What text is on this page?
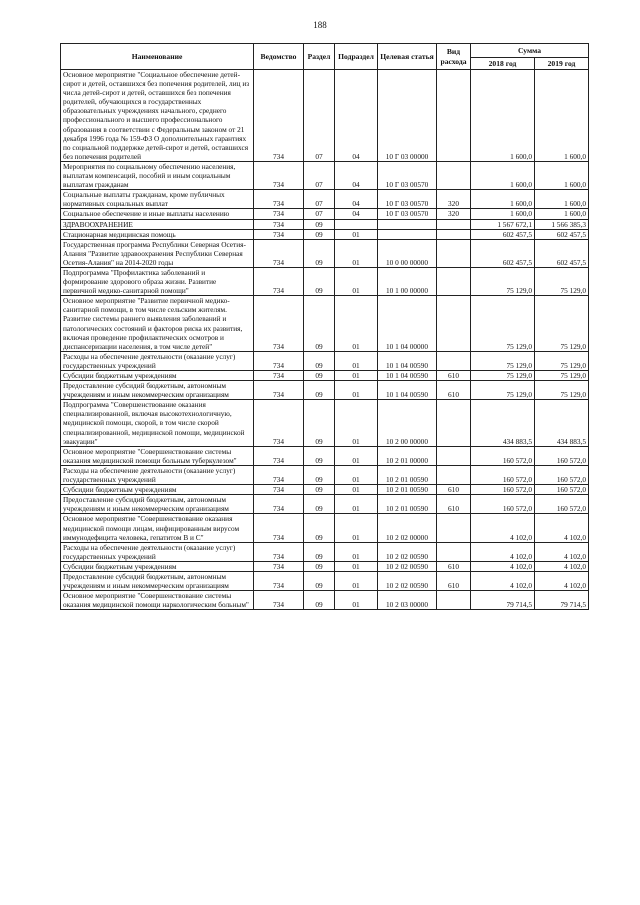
188
Наименование	Ведомство	Раздел	Подраздел	Целевая статья	Вид расхода	Сумма	
						2018 год	2019 год
Основное мероприятие "Социальное обеспечение детей-сирот и детей, оставшихся без попечения родителей, лиц из числа детей-сирот и детей, оставшихся без попечения родителей, обучающихся в государственных образовательных учреждениях начального, среднего профессионального и высшего профессионального образования в соответствии с Федеральным законом от 21 декабря 1996 года № 159-ФЗ О дополнительных гарантиях по социальной поддержке детей-сирот и детей, оставшихся без попечения родителей	734	07	04	10 Г 03 00000		1 600,0	1 600,0
Мероприятия по социальному обеспечению населения, выплатам компенсаций, пособий и иным социальным выплатам гражданам	734	07	04	10 Г 03 00570		1 600,0	1 600,0
Социальные выплаты гражданам, кроме публичных нормативных социальных выплат	734	07	04	10 Г 03 00570	320	1 600,0	1 600,0
Социальное обеспечение и иные выплаты населению	734	07	04	10 Г 03 00570	320	1 600,0	1 600,0
ЗДРАВООХРАНЕНИЕ	734	09				1 567 672,1	1 566 385,3
Стационарная медицинская помощь	734	09	01			602 457,5	602 457,5
Государственная программа Республики Северная Осетия-Алания "Развитие здравоохранения Республики Северная Осетия-Алания" на 2014-2020 годы	734	09	01	10 0 00 00000		602 457,5	602 457,5
Подпрограмма "Профилактика заболеваний и формирование здорового образа жизни. Развитие первичной медико-санитарной помощи"	734	09	01	10 1 00 00000		75 129,0	75 129,0
Основное мероприятие "Развитие первичной медико-санитарной помощи, в том числе сельским жителям. Развитие системы раннего выявления заболеваний и патологических состояний и факторов риска их развития, включая проведение профилактических осмотров и диспансеризации населения, в том числе детей"	734	09	01	10 1 04 00000		75 129,0	75 129,0
Расходы на обеспечение деятельности (оказание услуг) государственных учреждений	734	09	01	10 1 04 00590		75 129,0	75 129,0
Субсидии бюджетным учреждениям	734	09	01	10 1 04 00590	610	75 129,0	75 129,0
Предоставление субсидий бюджетным, автономным учреждениям и иным некоммерческим организациям	734	09	01	10 1 04 00590	610	75 129,0	75 129,0
Подпрограмма "Совершенствование оказания специализированной, включая высокотехнологичную, медицинской помощи, скорой, в том числе скорой специализированной, медицинской помощи, медицинской эвакуации"	734	09	01	10 2 00 00000		434 883,5	434 883,5
Основное мероприятие "Совершенствование системы оказания медицинской помощи больным туберкулезом"	734	09	01	10 2 01 00000		160 572,0	160 572,0
Расходы на обеспечение деятельности (оказание услуг) государственных учреждений	734	09	01	10 2 01 00590		160 572,0	160 572,0
Субсидии бюджетным учреждениям	734	09	01	10 2 01 00590	610	160 572,0	160 572,0
Предоставление субсидий бюджетным, автономным учреждениям и иным некоммерческим организациям	734	09	01	10 2 01 00590	610	160 572,0	160 572,0
Основное мероприятие "Совершенствование оказания медицинской помощи лицам, инфицированным вирусом иммунодефицита человека, гепатитом В и С"	734	09	01	10 2 02 00000		4 102,0	4 102,0
Расходы на обеспечение деятельности (оказание услуг) государственных учреждений	734	09	01	10 2 02 00590		4 102,0	4 102,0
Субсидии бюджетным учреждениям	734	09	01	10 2 02 00590	610	4 102,0	4 102,0
Предоставление субсидий бюджетным, автономным учреждениям и иным некоммерческим организациям	734	09	01	10 2 02 00590	610	4 102,0	4 102,0
Основное мероприятие "Совершенствование системы оказания медицинской помощи наркологическим больным"	734	09	01	10 2 03 00000		79 714,5	79 714,5
